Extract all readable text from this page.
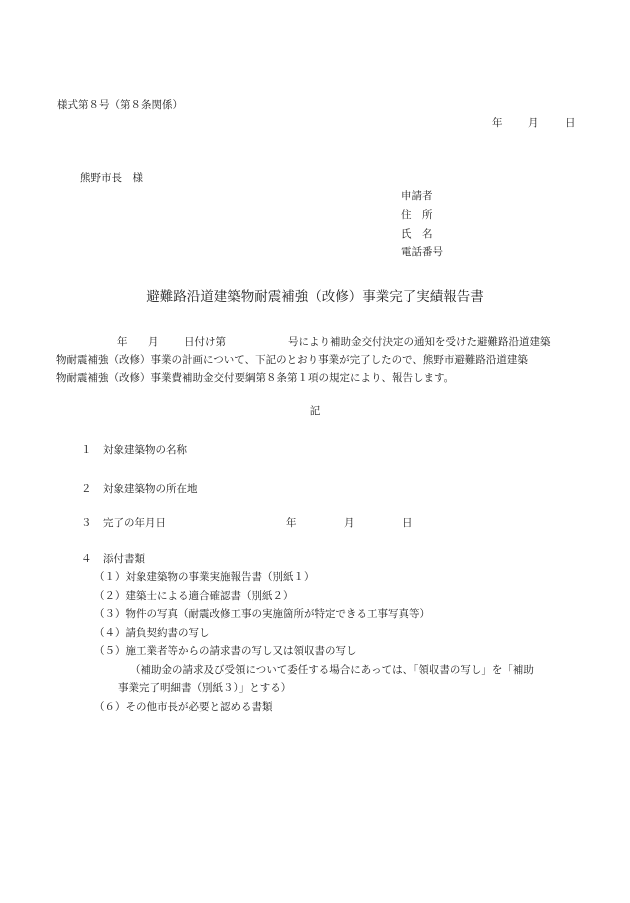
様式第８号（第８条関係）
年 月	日
熊野市長　様
申請者
住　所
氏　名
電話番号
避難路沿道建築物耐震補強（改修）事業完了実績報告書
年 月 日付け第	号により補助金交付決定の通知を受けた避難路沿道建築
物耐震補強（改修）事業の計画について、下記のとおり事業が完了したので、熊野市避難路沿道建築
物耐震補強（改修）事業費補助金交付要綱第８条第１項の規定により、報告します。
記
１ 対象建築物の名称
２ 対象建築物の所在地
３ 完了の年月日	年	月	日
４ 添付書類
（１）対象建築物の事業実施報告書（別紙１）
（２）建築士による適合確認書（別紙２）
（３）物件の写真（耐震改修工事の実施箇所が特定できる工事写真等）
（４）請負契約書の写し
（５）施工業者等からの請求書の写し又は領収書の写し
（補助金の請求及び受領について委任する場合にあっては、「領収書の写し」を「補助
事業完了明細書（別紙３）」とする）
（６）その他市長が必要と認める書類
